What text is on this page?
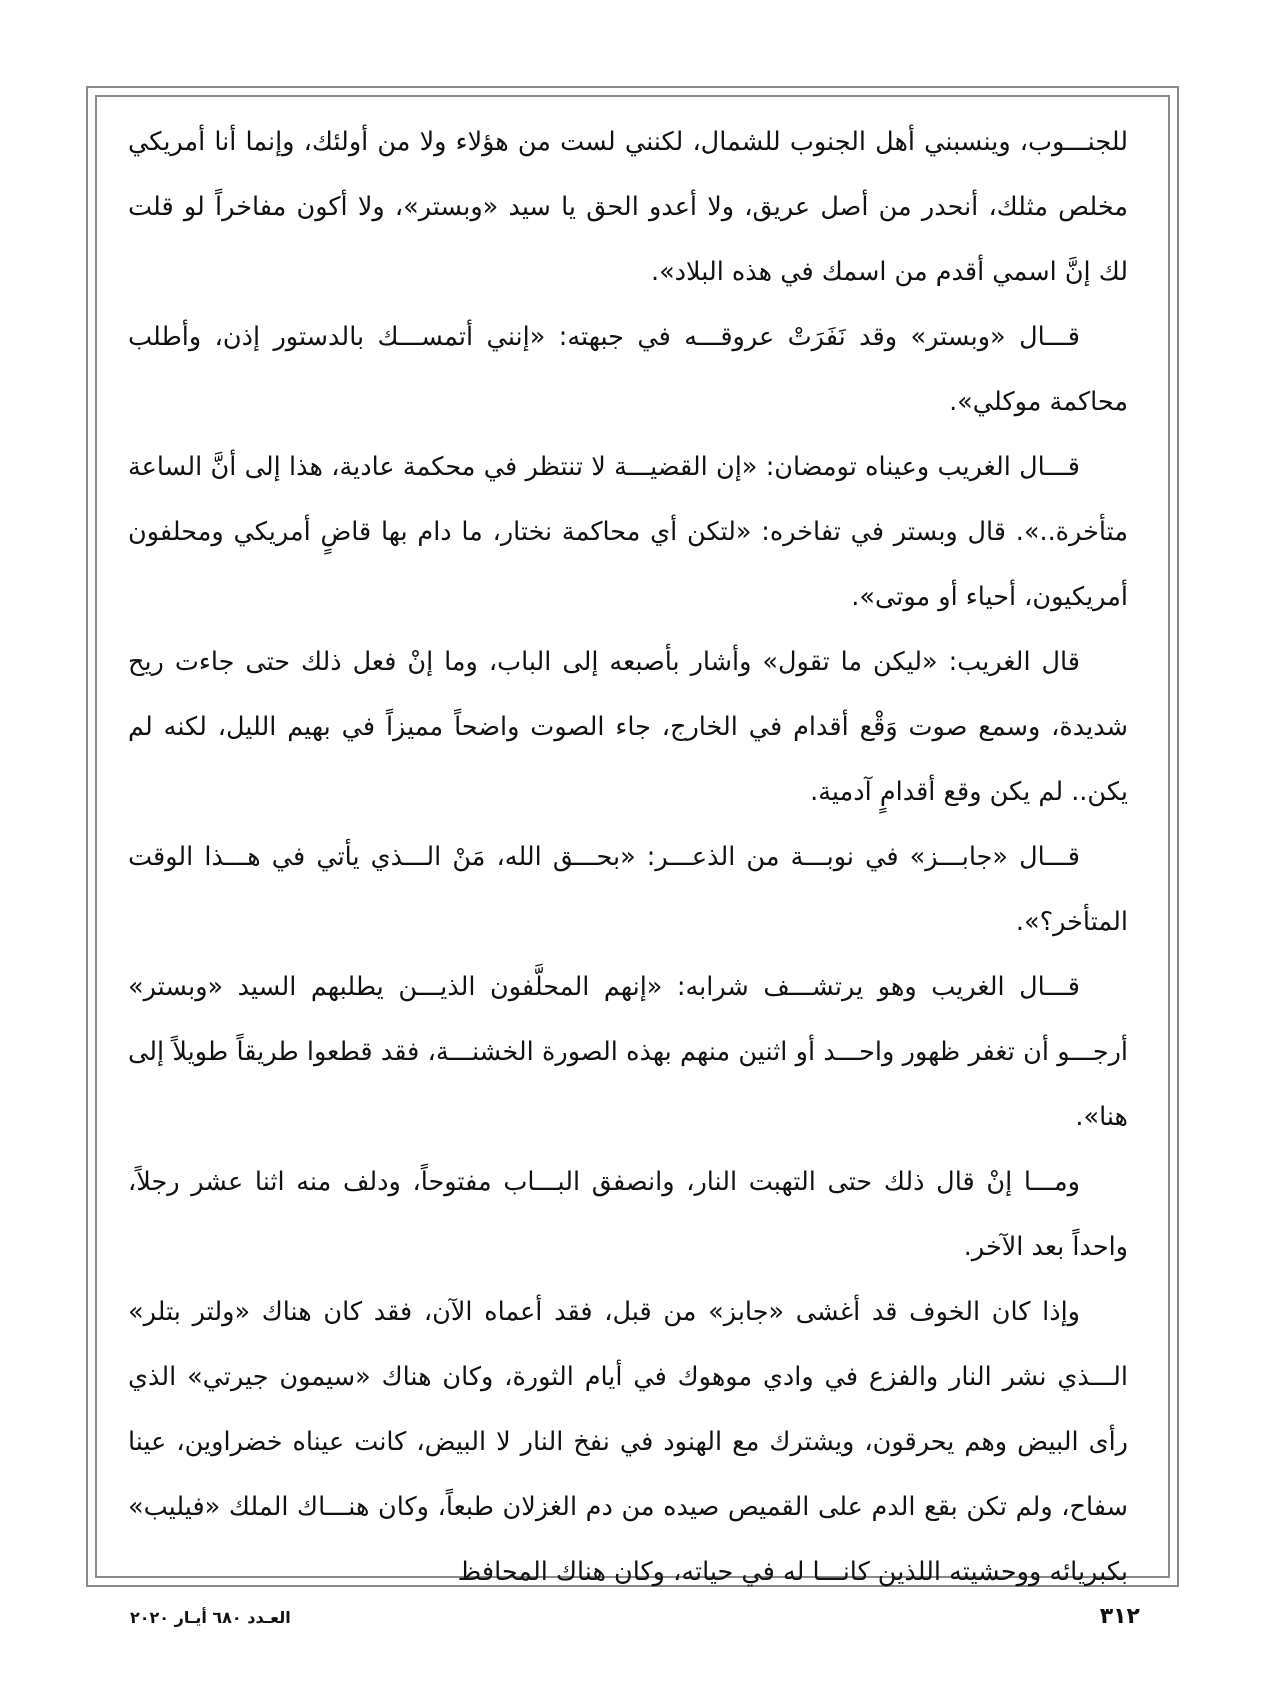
للجنـــوب، وينسبني أهل الجنوب للشمال، لكنني لست من هؤلاء ولا من أولئك، وإنما أنا أمريكي مخلص مثلك، أنحدر من أصل عريق، ولا أعدو الحق يا سيد «وبستر»، ولا أكون مفاخراً لو قلت لك إنَّ اسمي أقدم من اسمك في هذه البلاد».

قـــال «وبستر» وقد نَفَرَتْ عروقـــه في جبهته: «إنني أتمســـك بالدستور إذن، وأطلب محاكمة موكلي».

قـــال الغريب وعيناه تومضان: «إن القضيـــة لا تنتظر في محكمة عادية، هذا إلى أنَّ الساعة متأخرة..». قال وبستر في تفاخره: «لتكن أي محاكمة نختار، ما دام بها قاضٍ أمريكي ومحلفون أمريكيون، أحياء أو موتى».

قال الغريب: «ليكن ما تقول» وأشار بأصبعه إلى الباب، وما إنْ فعل ذلك حتى جاءت ريح شديدة، وسمع صوت وَقْع أقدام في الخارج، جاء الصوت واضحاً مميزاً في بهيم الليل، لكنه لم يكن.. لم يكن وقع أقدامٍ آدمية.

قـــال «جابـــز» في نوبـــة من الذعـــر: «بحـــق الله، مَنْ الـــذي يأتي في هـــذا الوقت المتأخر؟».

قـــال الغريب وهو يرتشـــف شرابه: «إنهم المحلَّفون الذيـــن يطلبهم السيد «وبستر» أرجـــو أن تغفر ظهور واحـــد أو اثنين منهم بهذه الصورة الخشنـــة، فقد قطعوا طريقاً طويلاً إلى هنا».

ومـــا إنْ قال ذلك حتى التهبت النار، وانصفق البـــاب مفتوحاً، ودلف منه اثنا عشر رجلاً، واحداً بعد الآخر.

وإذا كان الخوف قد أغشى «جابز» من قبل، فقد أعماه الآن، فقد كان هناك «ولتر بتلر» الـــذي نشر النار والفزع في وادي موهوك في أيام الثورة، وكان هناك «سيمون جيرتي» الذي رأى البيض وهم يحرقون، ويشترك مع الهنود في نفخ النار لا البيض، كانت عيناه خضراوين، عينا سفاح، ولم تكن بقع الدم على القميص صيده من دم الغزلان طبعاً، وكان هنـــاك الملك «فيليب» بكبريائه ووحشيته اللذين كانـــا له في حياته، وكان هناك المحافظ

٣١٢
العـدد ٦٨٠ أيـار ٢٠٢٠
